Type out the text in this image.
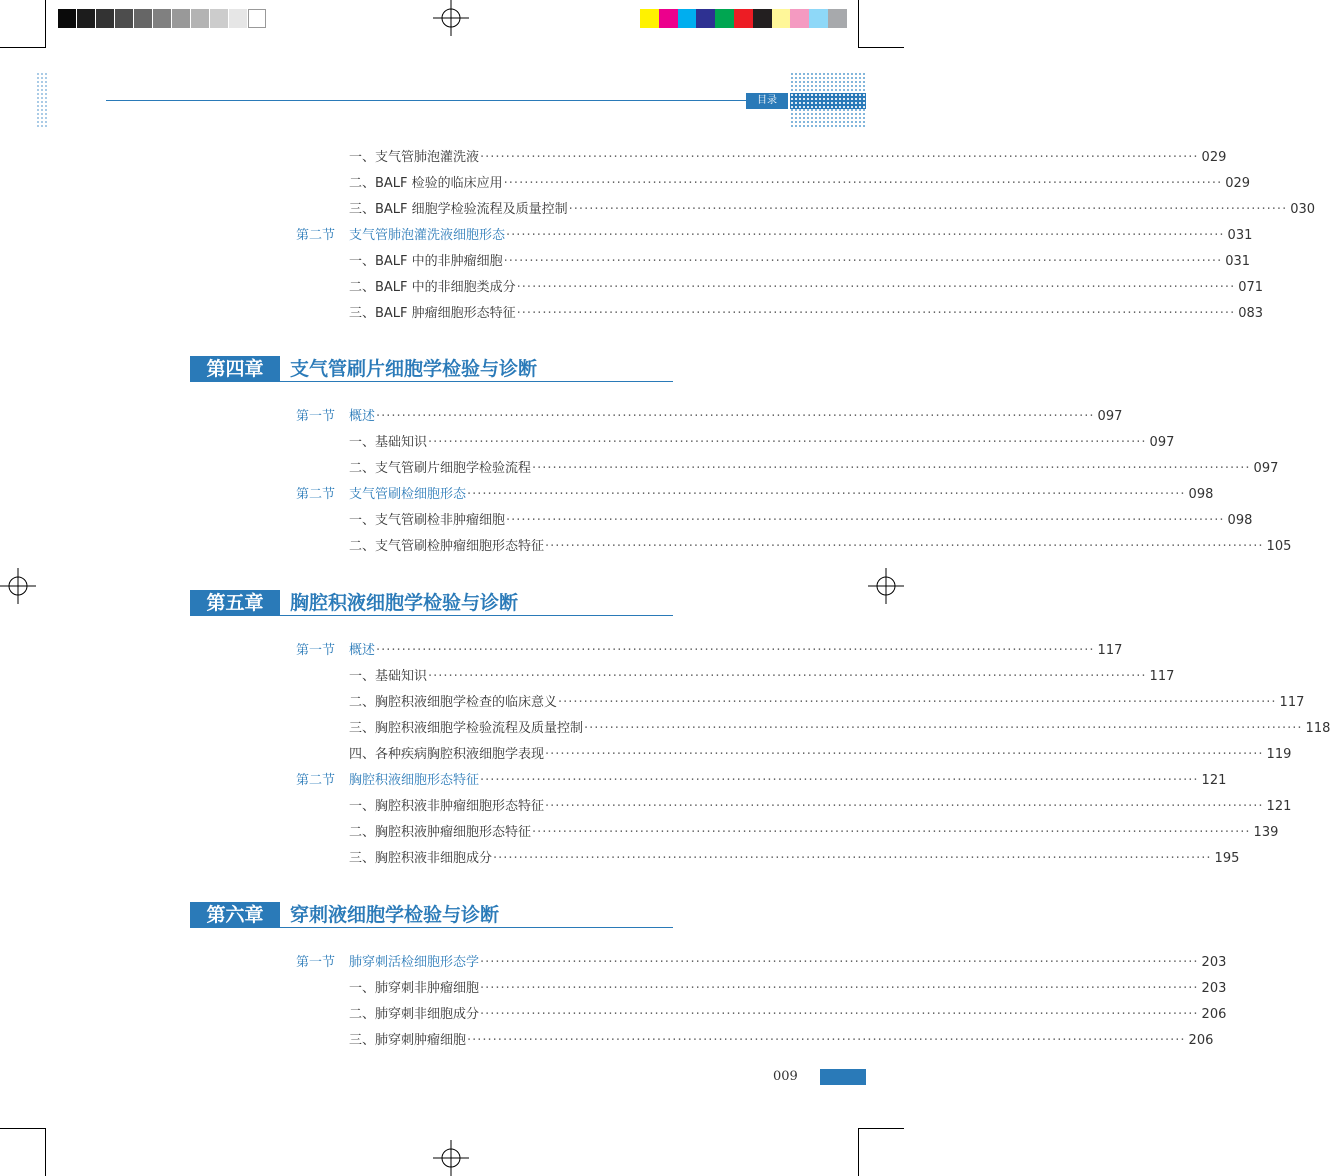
目录
一、支气管肺泡灌洗液 ············································································································································ 029
二、BALF 检验的临床应用 ············································································································································ 029
三、BALF 细胞学检验流程及质量控制 ············································································································································ 030
第二节 支气管肺泡灌洗液细胞形态 ············································································································································ 031
一、BALF 中的非肿瘤细胞 ············································································································································ 031
二、BALF 中的非细胞类成分 ············································································································································ 071
三、BALF 肿瘤细胞形态特征 ············································································································································ 083
第四章	支气管刷片细胞学检验与诊断
第一节 概述 ············································································································································ 097
一、基础知识 ············································································································································ 097
二、支气管刷片细胞学检验流程 ············································································································································ 097
第二节 支气管刷检细胞形态 ············································································································································ 098
一、支气管刷检非肿瘤细胞 ············································································································································ 098
二、支气管刷检肿瘤细胞形态特征 ············································································································································ 105
第五章	胸腔积液细胞学检验与诊断
第一节 概述 ············································································································································ 117
一、基础知识 ············································································································································ 117
二、胸腔积液细胞学检查的临床意义 ············································································································································ 117
三、胸腔积液细胞学检验流程及质量控制 ············································································································································ 118
四、各种疾病胸腔积液细胞学表现 ············································································································································ 119
第二节 胸腔积液细胞形态特征 ············································································································································ 121
一、胸腔积液非肿瘤细胞形态特征 ············································································································································ 121
二、胸腔积液肿瘤细胞形态特征 ············································································································································ 139
三、胸腔积液非细胞成分 ············································································································································ 195
第六章	穿刺液细胞学检验与诊断
第一节 肺穿刺活检细胞形态学 ············································································································································ 203
一、肺穿刺非肿瘤细胞 ············································································································································ 203
二、肺穿刺非细胞成分 ············································································································································ 206
三、肺穿刺肿瘤细胞 ············································································································································ 206
009
